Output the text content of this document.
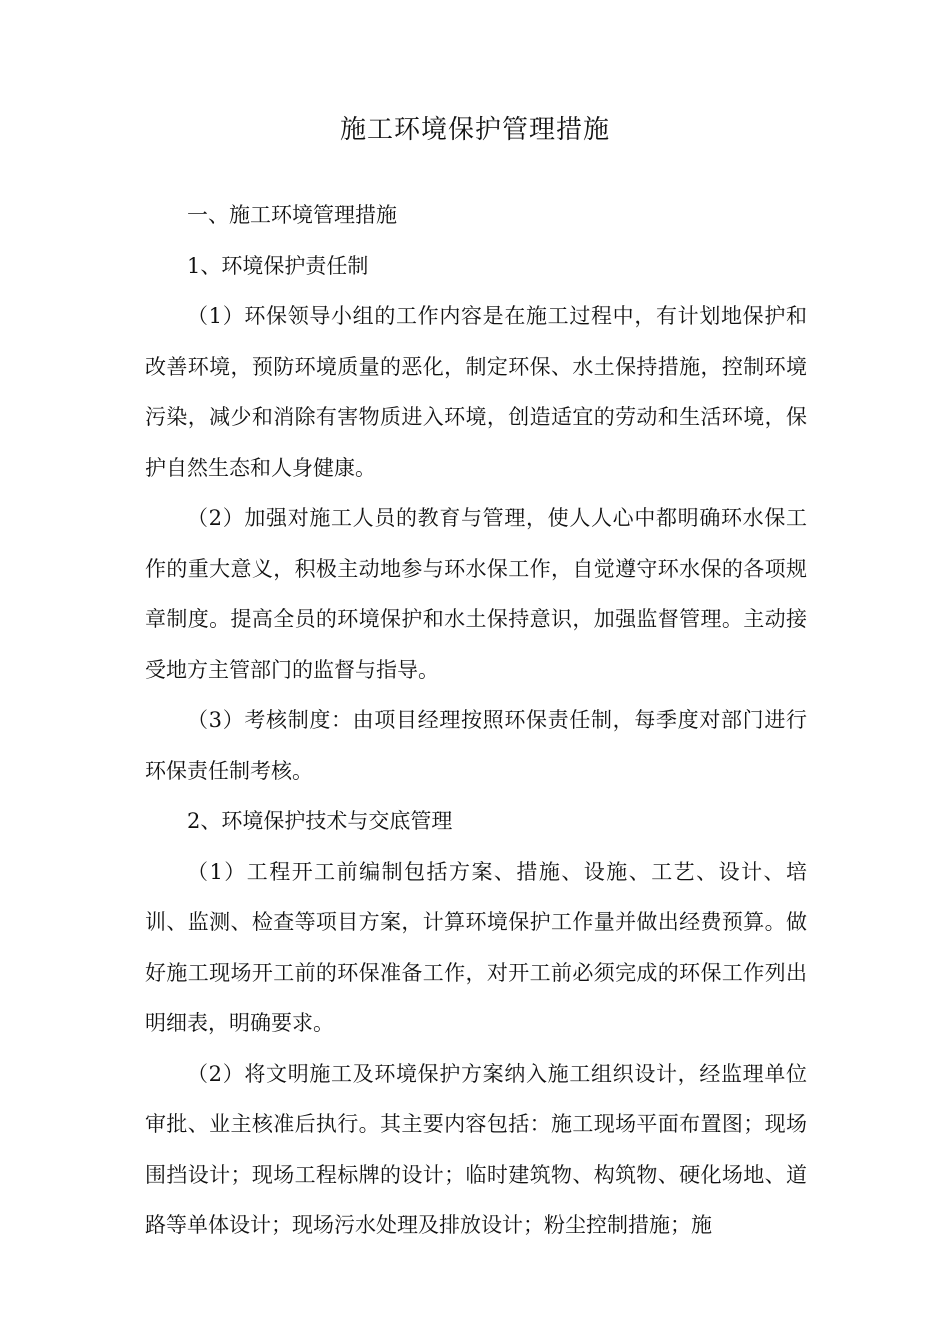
施工环境保护管理措施

一、施工环境管理措施

1、环境保护责任制

（1）环保领导小组的工作内容是在施工过程中，有计划地保护和改善环境，预防环境质量的恶化，制定环保、水土保持措施，控制环境污染，减少和消除有害物质进入环境，创造适宜的劳动和生活环境，保护自然生态和人身健康。

（2）加强对施工人员的教育与管理，使人人心中都明确环水保工作的重大意义，积极主动地参与环水保工作，自觉遵守环水保的各项规章制度。提高全员的环境保护和水土保持意识，加强监督管理。主动接受地方主管部门的监督与指导。

（3）考核制度：由项目经理按照环保责任制，每季度对部门进行环保责任制考核。

2、环境保护技术与交底管理

（1）工程开工前编制包括方案、措施、设施、工艺、设计、培训、监测、检查等项目方案，计算环境保护工作量并做出经费预算。做好施工现场开工前的环保准备工作，对开工前必须完成的环保工作列出明细表，明确要求。

（2）将文明施工及环境保护方案纳入施工组织设计，经监理单位审批、业主核准后执行。其主要内容包括：施工现场平面布置图；现场围挡设计；现场工程标牌的设计；临时建筑物、构筑物、硬化场地、道路等单体设计；现场污水处理及排放设计；粉尘控制措施；施
